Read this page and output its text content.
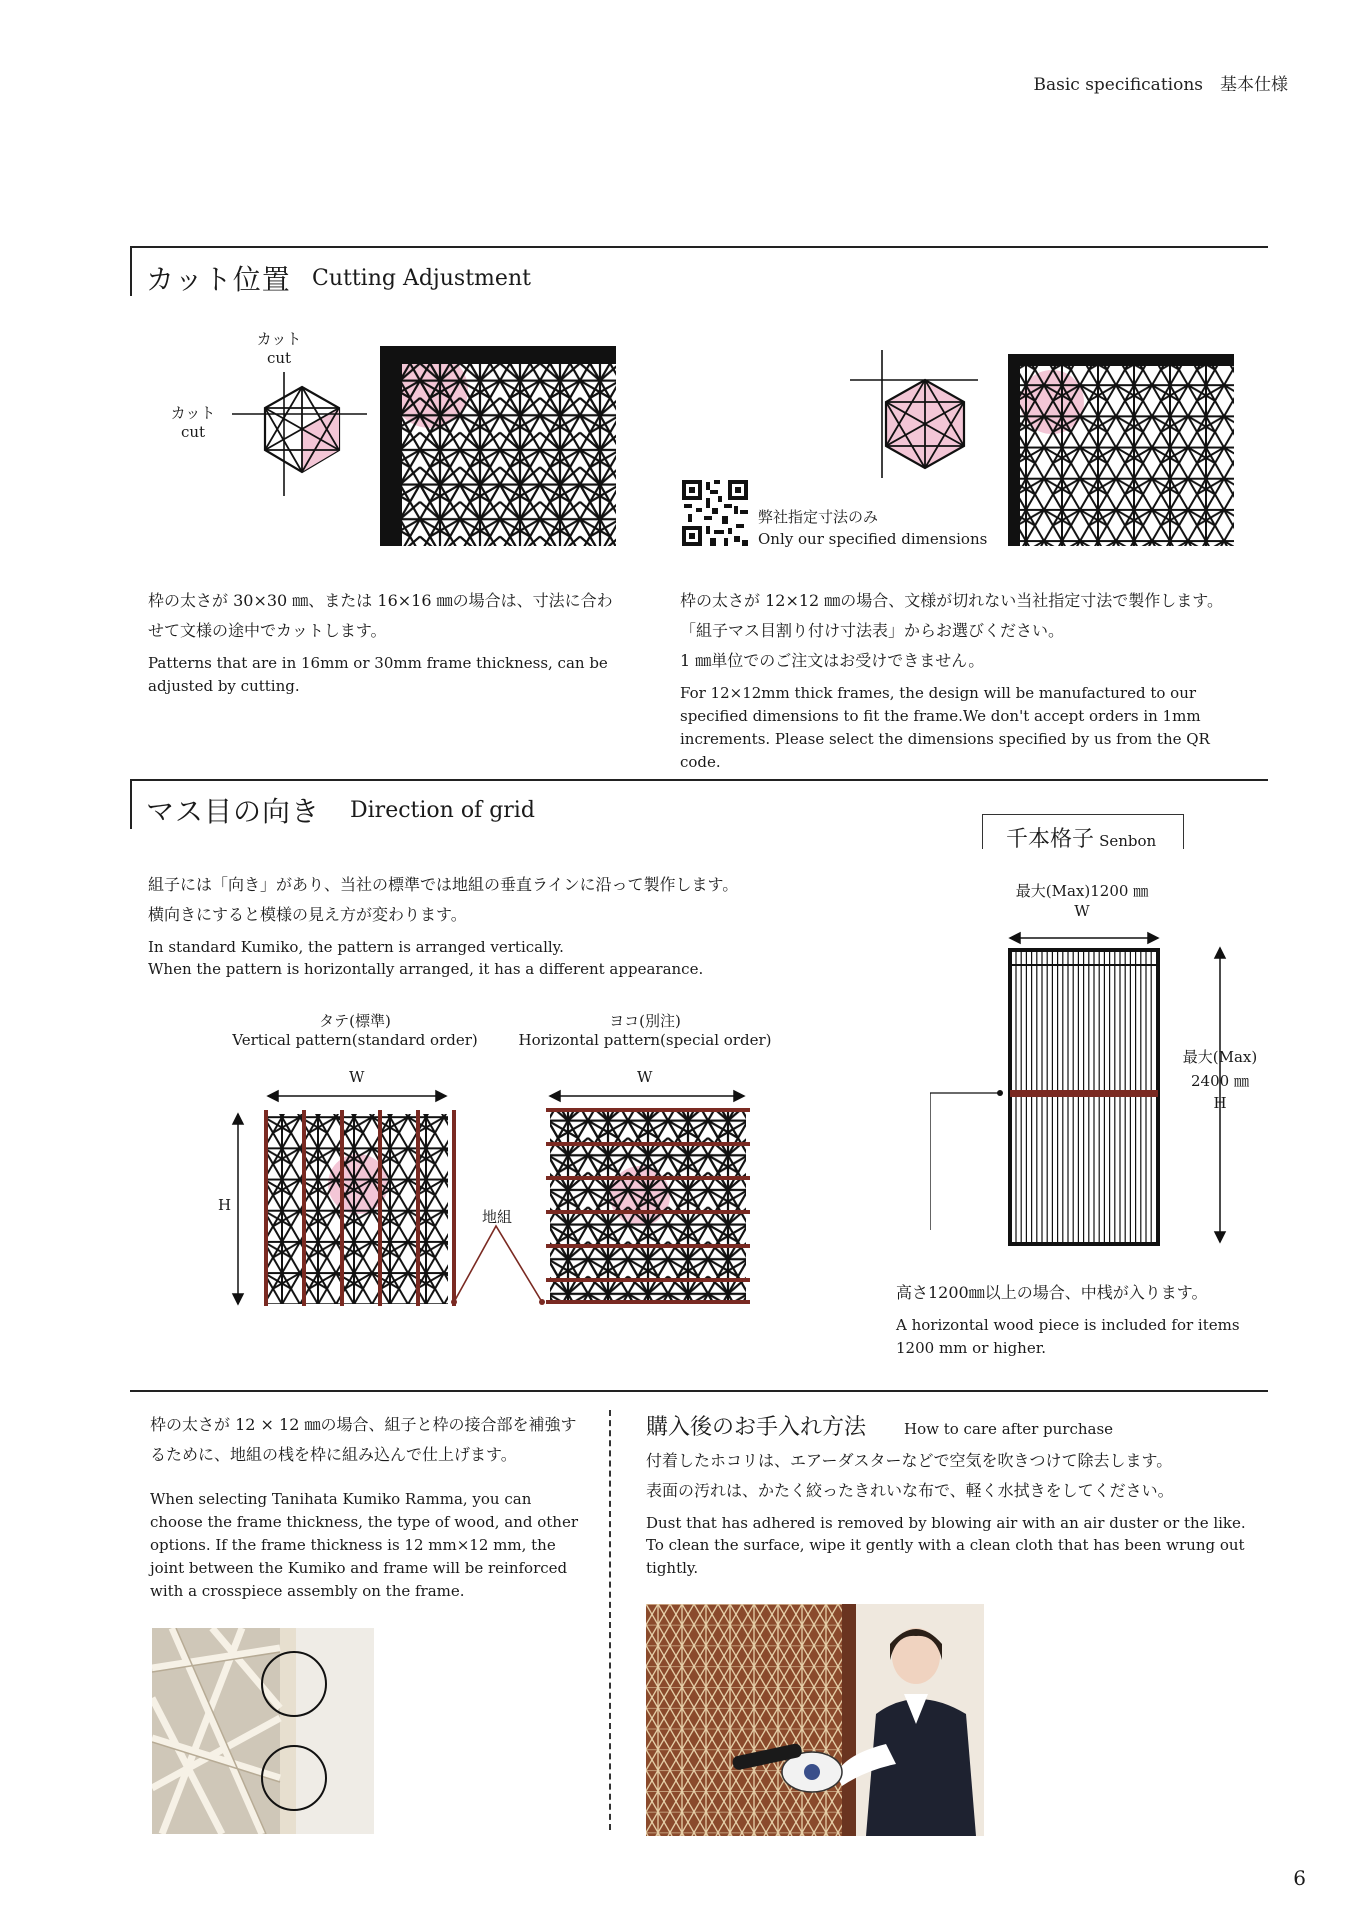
Basic specifications　基本仕様
カット位置 Cutting Adjustment
カット
cut
カット
cut
弊社指定寸法のみ
Only our specified dimensions
枠の太さが 30×30 ㎜、または 16×16 ㎜の場合は、寸法に合わせて文様の途中でカットします。
Patterns that are in 16mm or 30mm frame thickness, can be adjusted by cutting.
枠の太さが 12×12 ㎜の場合、文様が切れない当社指定寸法で製作します。「組子マス目割り付け寸法表」からお選びください。
1 ㎜単位でのご注文はお受けできません。
For 12×12mm thick frames, the design will be manufactured to our specified dimensions to fit the frame.We don't accept orders in 1mm increments. Please select the dimensions specified by us from the QR code.
マス目の向き Direction of grid
組子には「向き」があり、当社の標準では地組の垂直ラインに沿って製作します。
横向きにすると模様の見え方が変わります。
In standard Kumiko, the pattern is arranged vertically.
When the pattern is horizontally arranged, it has a different appearance.
タテ(標準)
Vertical pattern(standard order)
ヨコ(別注)
Horizontal pattern(special order)
W	W
H
地組
千本格子 Senbon
最大(Max)1200 ㎜
W
最大(Max)
2400 ㎜
H
高さ1200㎜以上の場合、中桟が入ります。
A horizontal wood piece is included for items 1200 mm or higher.
枠の太さが 12 × 12 ㎜の場合、組子と枠の接合部を補強するために、地組の桟を枠に組み込んで仕上げます。
When selecting Tanihata Kumiko Ramma, you can choose the frame thickness, the type of wood, and other options. If the frame thickness is 12 mm×12 mm, the joint between the Kumiko and frame will be reinforced with a crosspiece assembly on the frame.
購入後のお手入れ方法	How to care after purchase
付着したホコリは、エアーダスターなどで空気を吹きつけて除去します。
表面の汚れは、かたく絞ったきれいな布で、軽く水拭きをしてください。
Dust that has adhered is removed by blowing air with an air duster or the like.
To clean the surface, wipe it gently with a clean cloth that has been wrung out tightly.
6
